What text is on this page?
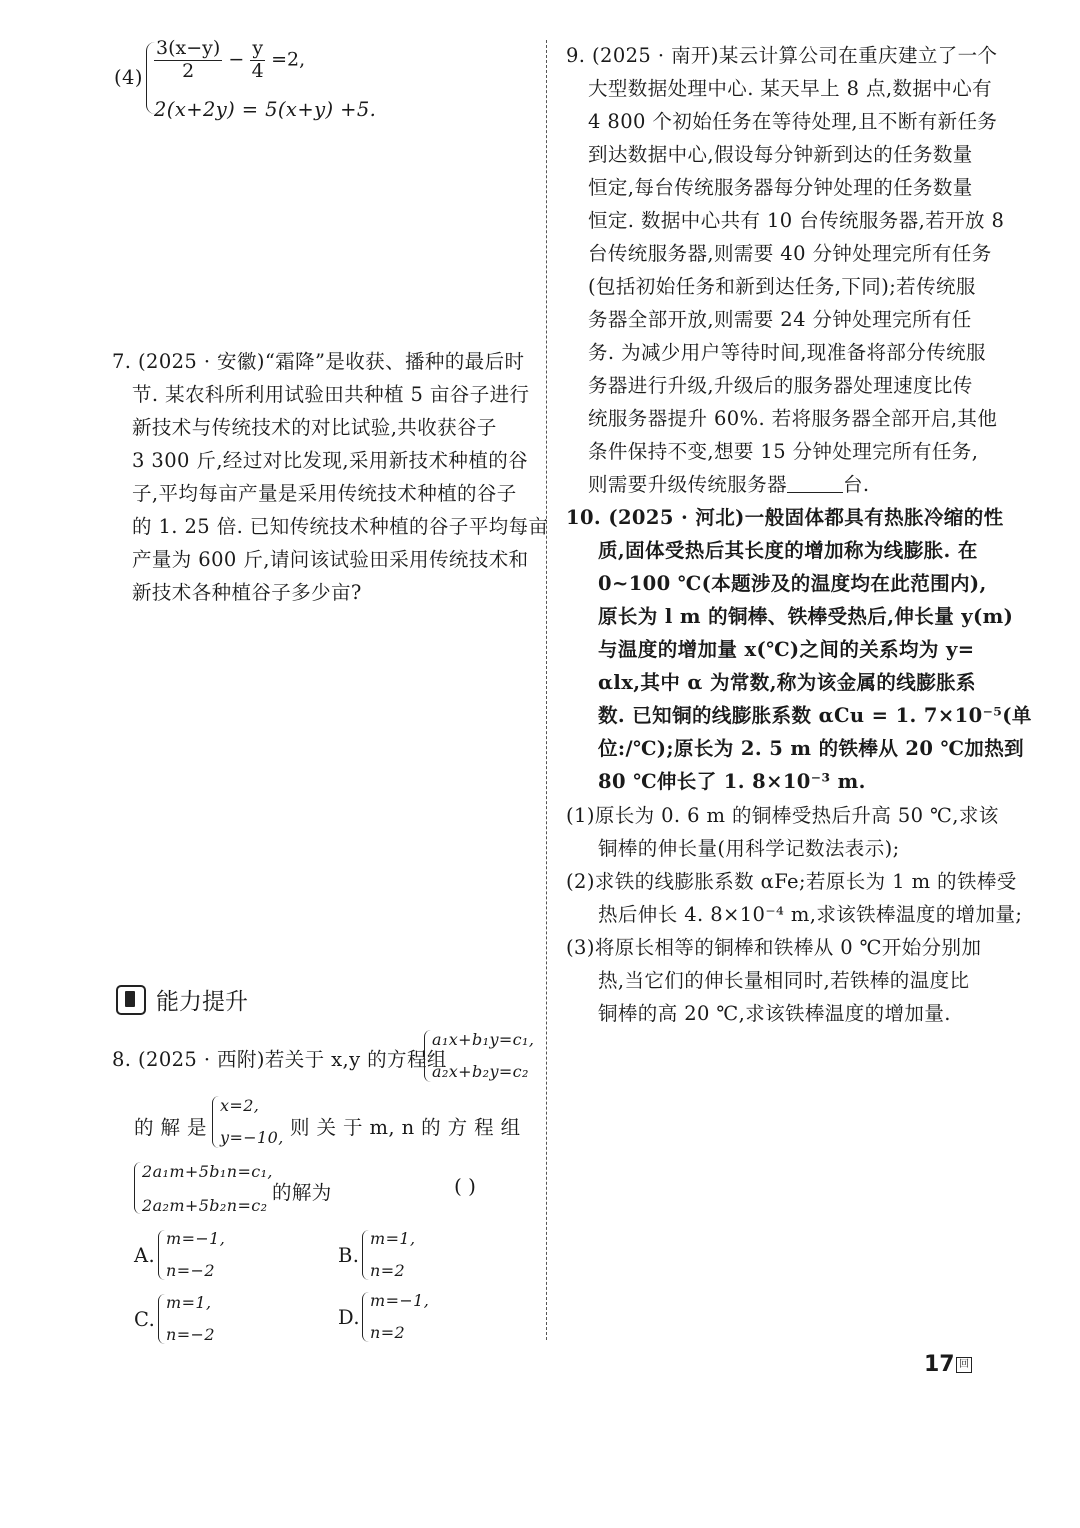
$(4) \frac{3(x-y)}{2} - \frac{y}{4} =2$,
2(x+2y) = 5(x+y) +5.
7. (2025 · 安徽)“霜降”是收获、播种的最后时
节. 某农科所利用试验田共种植 5 亩谷子进行
新技术与传统技术的对比试验,共收获谷子
3 300 斤,经过对比发现,采用新技术种植的谷
子,平均每亩产量是采用传统技术种植的谷子
的 1. 25 倍. 已知传统技术种植的谷子平均每亩
产量为 600 斤,请问该试验田采用传统技术和
新技术各种植谷子多少亩?
能力提升
8. (2025 · 西附)若关于 x,y 的方程组
a₁x+b₁y=c₁,
a₂x+b₂y=c₂
的 解 是
x=2,
y=−10, 则 关 于 m, n 的 方 程 组
2a₁m+5b₁n=c₁,
2a₂m+5b₂n=c₂
的解为	( )
A.
m=−1,
n=−2
B.
m=1,
n=2
C.
m=1,
n=−2
D.
m=−1,
n=2
9. (2025 · 南开)某云计算公司在重庆建立了一个
大型数据处理中心. 某天早上 8 点,数据中心有
4 800 个初始任务在等待处理,且不断有新任务
到达数据中心,假设每分钟新到达的任务数量
恒定,每台传统服务器每分钟处理的任务数量
恒定. 数据中心共有 10 台传统服务器,若开放 8
台传统服务器,则需要 40 分钟处理完所有任务
(包括初始任务和新到达任务,下同);若传统服
务器全部开放,则需要 24 分钟处理完所有任
务. 为减少用户等待时间,现准备将部分传统服
务器进行升级,升级后的服务器处理速度比传
统服务器提升 60%. 若将服务器全部开启,其他
条件保持不变,想要 15 分钟处理完所有任务,
则需要升级传统服务器	台.
10. (2025 · 河北)一般固体都具有热胀冷缩的性
质,固体受热后其长度的增加称为线膨胀. 在
0~100 ℃(本题涉及的温度均在此范围内),
原长为 l m 的铜棒、铁棒受热后,伸长量 y(m)
与温度的增加量 x(℃)之间的关系均为 y=
αlx,其中 α 为常数,称为该金属的线膨胀系
数. 已知铜的线膨胀系数 αCu = 1. 7×10⁻⁵(单
位:/℃);原长为 2. 5 m 的铁棒从 20 ℃加热到
80 ℃伸长了 1. 8×10⁻³ m.
(1)原长为 0. 6 m 的铜棒受热后升高 50 ℃,求该
铜棒的伸长量(用科学记数法表示);
(2)求铁的线膨胀系数 αFe;若原长为 1 m 的铁棒受
热后伸长 4. 8×10⁻⁴ m,求该铁棒温度的增加量;
(3)将原长相等的铜棒和铁棒从 0 ℃开始分别加
热,当它们的伸长量相同时,若铁棒的温度比
铜棒的高 20 ℃,求该铁棒温度的增加量.
17 回
